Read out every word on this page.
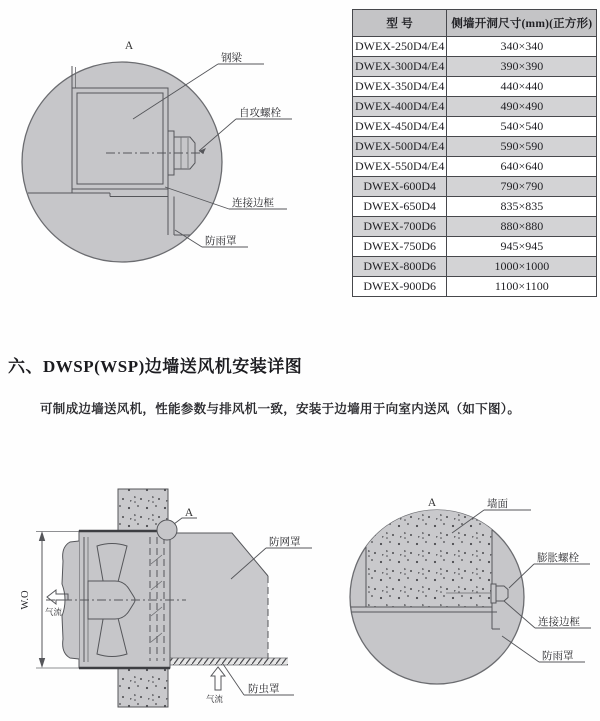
A
钢梁
自攻螺栓
连接边框
防雨罩
A
W.O
气流
气流
防网罩
防虫罩
A	墙面
膨胀螺栓
连接边框
防雨罩
型 号	侧墙开洞尺寸(mm)(正方形)
DWEX-250D4/E4	340×340
DWEX-300D4/E4	390×390
DWEX-350D4/E4	440×440
DWEX-400D4/E4	490×490
DWEX-450D4/E4	540×540
DWEX-500D4/E4	590×590
DWEX-550D4/E4	640×640
DWEX-600D4	790×790
DWEX-650D4	835×835
DWEX-700D6	880×880
DWEX-750D6	945×945
DWEX-800D6	1000×1000
DWEX-900D6	1100×1100
六、DWSP(WSP)边墙送风机安装详图
可制成边墙送风机，性能参数与排风机一致，安装于边墙用于向室内送风（如下图）。
